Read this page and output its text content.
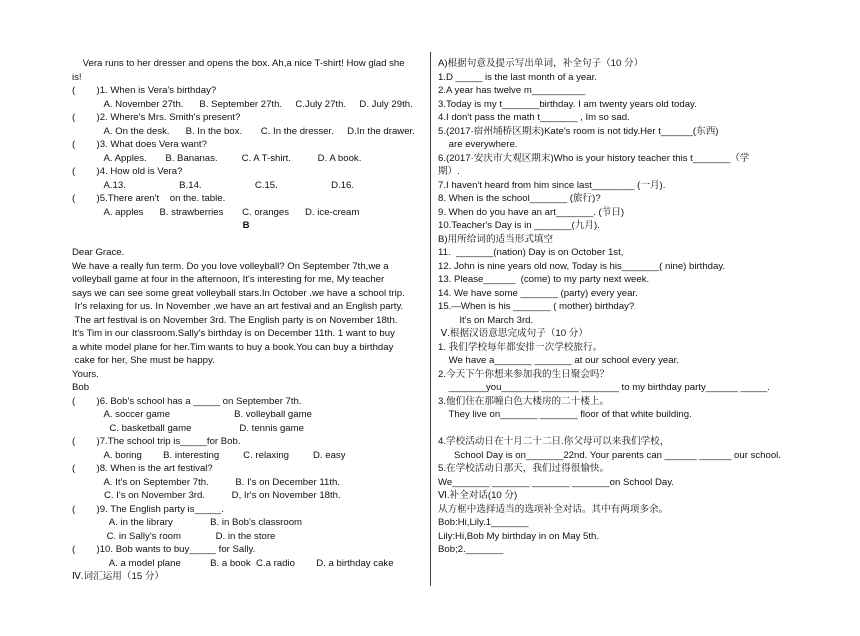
Vera runs to her dresser and opens the box. Ah,a nice T-shirt! How glad she
is!
(        )1. When is Vera's birthday?
A. November 27th.      B. September 27th.     C.July 27th.     D. July 29th.
(        )2. Where's Mrs. Smith's present?
A. On the desk.      B. In the box.       C. In the dresser.     D.In the drawer.
(        )3. What does Vera want?
A. Apples.       B. Bananas.         C. A T-shirt.          D. A book.
(        )4. How old is Vera?
A.13.                    B.14.                    C.15.                    D.16.
(        )5.There aren't    on the. table.
A. apples      B. strawberries       C. oranges      D. ice-cream
B
Dear Grace.
We have a really fun term. Do you love volleyball? On September 7th,we a
volleyball game at four in the afternoon, It's interesting for me, My teacher
says we can see some great volleyball stars.In October .we have a school trip.
Ir's relaxing for us. In November ,we have an art festival and an English party.
The art festival is on November 3rd. The English party is on November 18th.
It's Tim in our classroom.Sally's birthday is on December 11th. 1 want to buy
a white model plane for her.Tim wants to buy a book.You can buy a birthday
cake for her, She must be happy.
Yours.
Bob
(        )6. Bob's school has a _____ on September 7th.
A. soccer game                        B. volleyball game
C. basketball game                  D. tennis game
(        )7.The school trip is_____for Bob.
A. boring        B. interesting         C. relaxing         D. easy
(        )8. When is the art festival?
A. It's on September 7th.          B. I's on December 11th.
C. I's on November 3rd.          D, Ir's on November 18th.
(        )9. The English party is_____.
A. in the library              B. in Bob's classroom
C. in Sally's room             D. in the store
(        )10. Bob wants to buy_____ for Sally.
A. a model plane           B. a book  C.a radio        D. a birthday cake
Ⅳ.词汇运用（15 分）
A)根据句意及提示写出单词，补全句子（10 分）
1.D _____ is the last month of a year.
2.A year has twelve m__________
3.Today is my t_______birthday. I am twenty years old today.
4.I don't pass the math t_______ , Im so sad.
5.(2017·宿州埇桥区期末)Kate's room is not tidy.Her t______(东西)
are everywhere.
6.(2017·安庆市大观区期末)Who is your history teacher this t_______（学
期）.
7.I haven't heard from him since last________ (一月).
8. When is the school_______ (旅行)?
9. When do you have an art_______. (节日)
10.Teacher's Day is in _______(九月).
B)用所给词的适当形式填空
11.  _______(nation) Day is on October 1st,
12. John is nine years old now, Today is his_______( nine) birthday.
13. Please______  (come) to my party next week.
14. We have some _______ (party) every year.
15.—When is his _______ ( mother) birthday?
It's on March 3rd.
Ⅴ.根据汉语意思完成句子（10 分）
1. 我们学校每年都安排一次学校旅行。
We have a_______ _______ at our school every year.
2.今天下午你想来参加我的生日聚会吗？
_______you_______ _______ _______ to my birthday party______ _____.
3.他们住在那幢白色大楼房的二十楼上。
They live on_______ _______ floor of that white building.
4.学校活动日在十月二十二日.你父母可以来我们学校，
School Day is on_______22nd. Your parents can ______ ______ our school.
5.在学校活动日那天，我们过得很愉快。
We_______ _______ _______ _______on School Day.
Ⅵ.补全对话(10 分)
从方框中选择适当的选项补全对话。其中有两项多余。
Bob:Hi,Lily.1_______
Lily:Hi,Bob My birthday in on May 5th.
Bob;2._______
